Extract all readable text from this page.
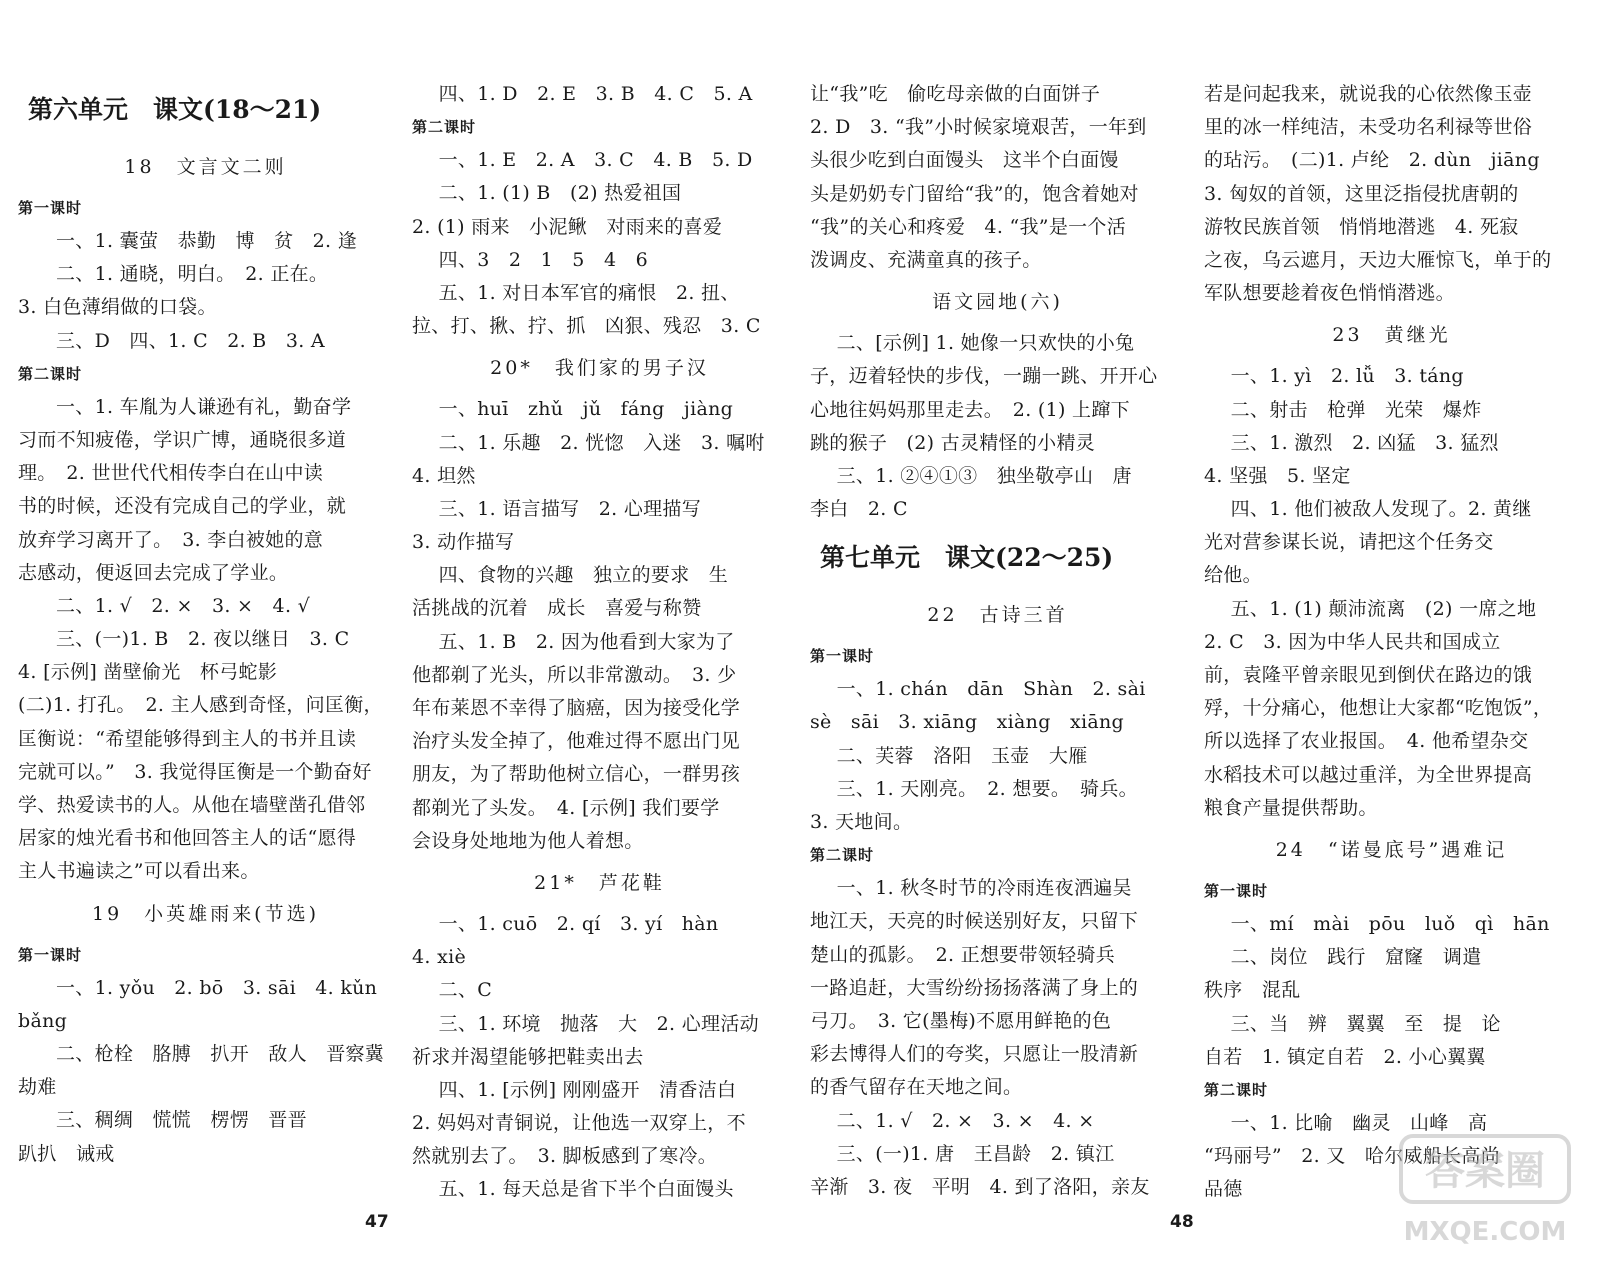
第六单元　课文(18～21)
18　文言文二则
第一课时
一、1. 囊萤　恭勤　博　贫　2. 逢
二、1. 通晓，明白。　2. 正在。
3. 白色薄绢做的口袋。
三、D　四、1. C　2. B　3. A
第二课时
一、1. 车胤为人谦逊有礼，勤奋学
习而不知疲倦，学识广博，通晓很多道
理。　2. 世世代代相传李白在山中读
书的时候，还没有完成自己的学业，就
放弃学习离开了。　3. 李白被她的意
志感动，便返回去完成了学业。
二、1. √　2. ×　3. ×　4. √
三、(一)1. B　2. 夜以继日　3. C
4. [示例] 凿壁偷光　杯弓蛇影
(二)1. 打孔。　2. 主人感到奇怪，问匡衡，
匡衡说：“希望能够得到主人的书并且读
完就可以。”　3. 我觉得匡衡是一个勤奋好
学、热爱读书的人。从他在墙壁凿孔借邻
居家的烛光看书和他回答主人的话“愿得
主人书遍读之”可以看出来。
19　小英雄雨来(节选)
第一课时
一、1. yǒu　2. bō　3. sāi　4. kǔn
bǎng
二、枪栓　胳膊　扒开　敌人　晋察冀
劫难
三、稠绸　慌慌　楞愣　晋晋
趴扒　诫戒
四、1. D　2. E　3. B　4. C　5. A
第二课时
一、1. E　2. A　3. C　4. B　5. D
二、1. (1) B　(2) 热爱祖国
2. (1) 雨来　小泥鳅　对雨来的喜爱
四、3　2　1　5　4　6
五、1. 对日本军官的痛恨　2. 扭、
拉、打、揪、拧、抓　凶狠、残忍　3. C
20*　我们家的男子汉
一、huī　zhǔ　jǔ　fáng　jiàng
二、1. 乐趣　2. 恍惚　入迷　3. 嘱咐
4. 坦然
三、1. 语言描写　2. 心理描写
3. 动作描写
四、食物的兴趣　独立的要求　生
活挑战的沉着　成长　喜爱与称赞
五、1. B　2. 因为他看到大家为了
他都剃了光头，所以非常激动。　3. 少
年布莱恩不幸得了脑癌，因为接受化学
治疗头发全掉了，他难过得不愿出门见
朋友，为了帮助他树立信心，一群男孩
都剃光了头发。　4. [示例] 我们要学
会设身处地地为他人着想。
21*　芦花鞋
一、1. cuō　2. qí　3. yí　hàn
4. xiè
二、C
三、1. 环境　抛落　大　2. 心理活动
祈求并渴望能够把鞋卖出去
四、1. [示例] 刚刚盛开　清香洁白
2. 妈妈对青铜说，让他选一双穿上，不
然就别去了。　3. 脚板感到了寒冷。
五、1. 每天总是省下半个白面馒头
47
让“我”吃　偷吃母亲做的白面饼子
2. D　3. “我”小时候家境艰苦，一年到
头很少吃到白面馒头　这半个白面馒
头是奶奶专门留给“我”的，饱含着她对
“我”的关心和疼爱　4. “我”是一个活
泼调皮、充满童真的孩子。
语文园地(六)
二、[示例] 1. 她像一只欢快的小兔
子，迈着轻快的步伐，一蹦一跳、开开心
心地往妈妈那里走去。　2. (1) 上蹿下
跳的猴子　(2) 古灵精怪的小精灵
三、1. ②④①③　独坐敬亭山　唐
李白　2. C
第七单元　课文(22～25)
22　古诗三首
第一课时
一、1. chán　dān　Shàn　2. sài
sè　sāi　3. xiāng　xiàng　xiāng
二、芙蓉　洛阳　玉壶　大雁
三、1. 天刚亮。　2. 想要。　骑兵。
3. 天地间。
第二课时
一、1. 秋冬时节的冷雨连夜洒遍吴
地江天，天亮的时候送别好友，只留下
楚山的孤影。　2. 正想要带领轻骑兵
一路追赶，大雪纷纷扬扬落满了身上的
弓刀。　3. 它(墨梅)不愿用鲜艳的色
彩去博得人们的夸奖，只愿让一股清新
的香气留存在天地之间。
二、1. √　2. ×　3. ×　4. ×
三、(一)1. 唐　王昌龄　2. 镇江
辛渐　3. 夜　平明　4. 到了洛阳，亲友
若是问起我来，就说我的心依然像玉壶
里的冰一样纯洁，未受功名利禄等世俗
的玷污。　(二)1. 卢纶　2. dùn　jiāng
3. 匈奴的首领，这里泛指侵扰唐朝的
游牧民族首领　悄悄地潜逃　4. 死寂
之夜，乌云遮月，天边大雁惊飞，单于的
军队想要趁着夜色悄悄潜逃。
23　黄继光
一、1. yì　2. lǚ　3. táng
二、射击　枪弹　光荣　爆炸
三、1. 激烈　2. 凶猛　3. 猛烈
4. 坚强　5. 坚定
四、1. 他们被敌人发现了。2. 黄继
光对营参谋长说，请把这个任务交
给他。
五、1. (1) 颠沛流离　(2) 一席之地
2. C　3. 因为中华人民共和国成立
前，袁隆平曾亲眼见到倒伏在路边的饿
殍，十分痛心，他想让大家都“吃饱饭”，
所以选择了农业报国。　4. 他希望杂交
水稻技术可以越过重洋，为全世界提高
粮食产量提供帮助。
24　“诺曼底号”遇难记
第一课时
一、mí　mài　pōu　luǒ　qì　hān
二、岗位　践行　窟窿　调遣
秩序　混乱
三、当　辨　翼翼　至　提　论
自若　1. 镇定自若　2. 小心翼翼
第二课时
一、1. 比喻　幽灵　山峰　高
“玛丽号”　2. 又　哈尔威船长高尚
品德
48
答案圈
MXQE.COM
